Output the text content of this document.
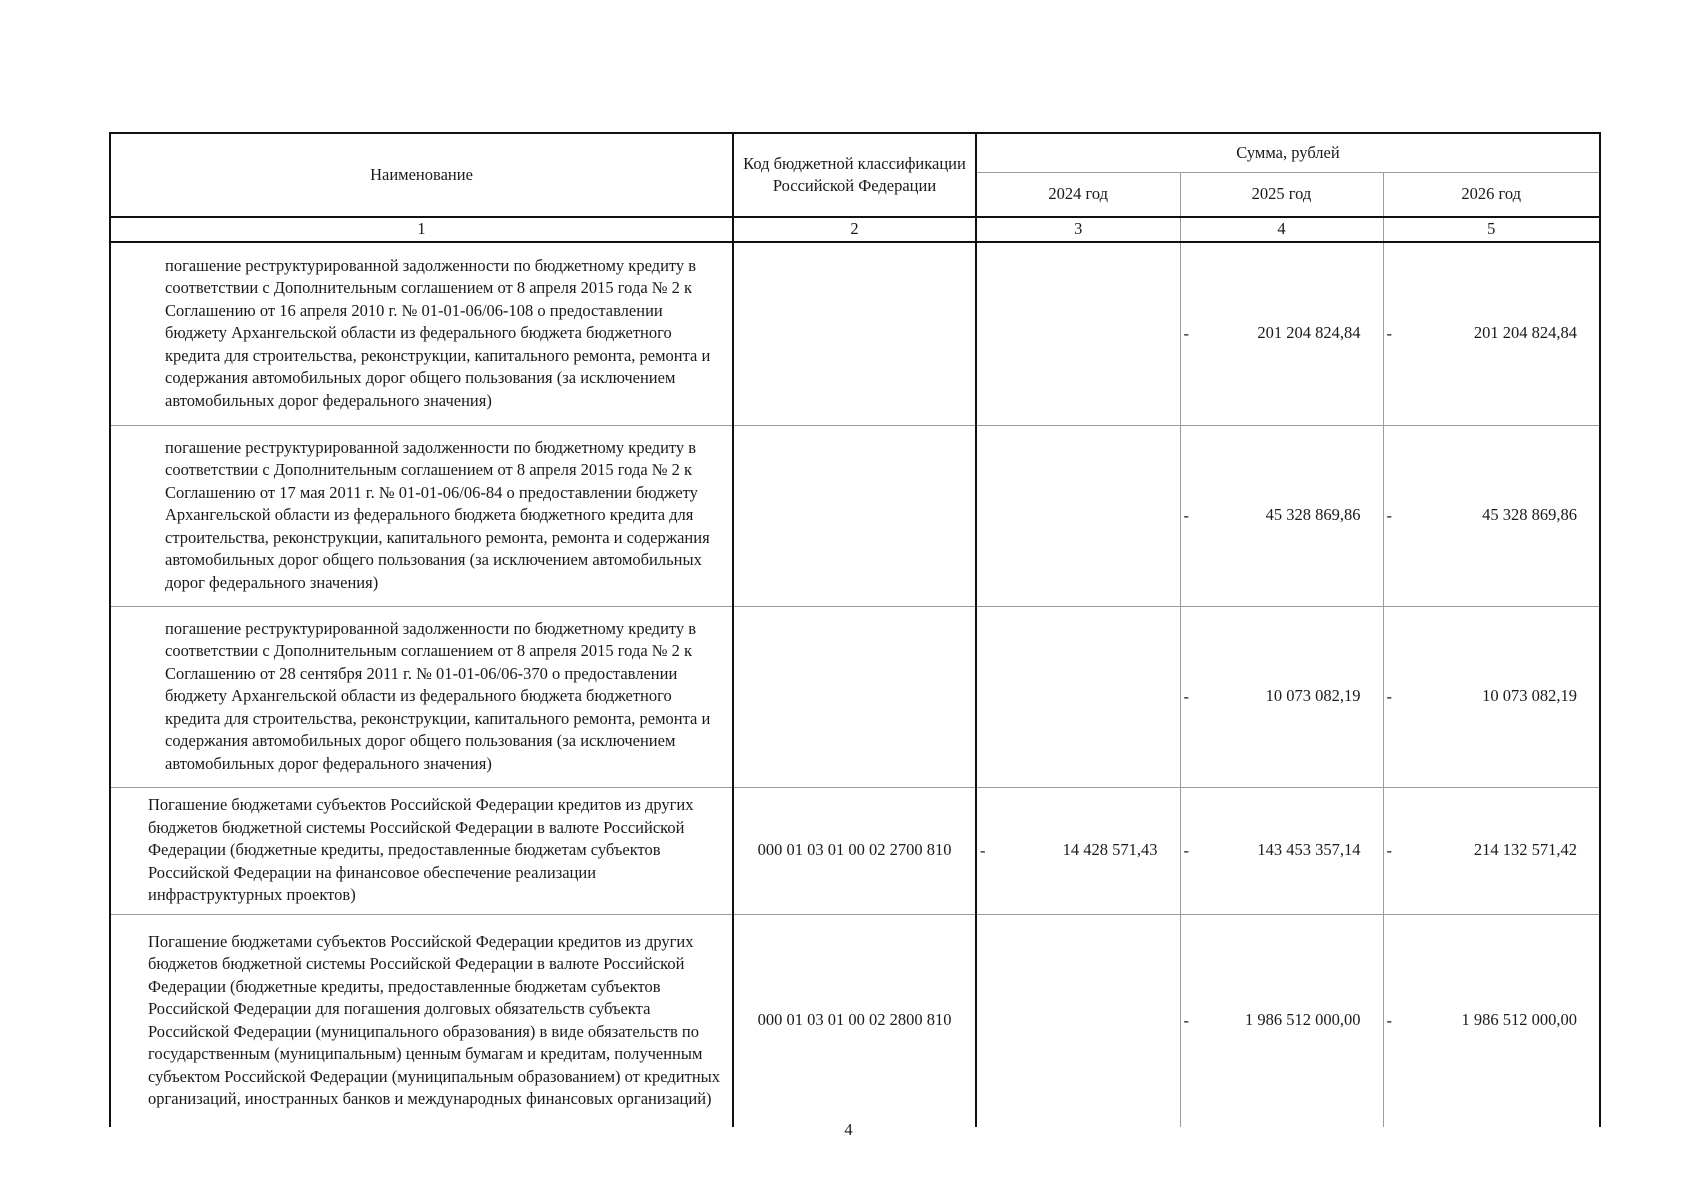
Наименование	Код бюджетной классификации Российской Федерации	Сумма, рублей		
		2024 год	2025 год	2026 год
1	2	3	4	5
погашение реструктурированной задолженности по бюджетному кредиту в соответствии с Дополнительным соглашением от 8 апреля 2015 года № 2 к Соглашению от 16 апреля 2010 г. № 01-01-06/06-108 о предоставлении бюджету Архангельской области из федерального бюджета бюджетного кредита для строительства, реконструкции, капитального ремонта, ремонта и содержания автомобильных дорог общего пользования (за исключением автомобильных дорог федерального значения)			- 201 204 824,84	- 201 204 824,84
погашение реструктурированной задолженности по бюджетному кредиту в соответствии с Дополнительным соглашением от 8 апреля 2015 года № 2 к Соглашению от 17 мая 2011 г. № 01-01-06/06-84 о предоставлении бюджету Архангельской области из федерального бюджета бюджетного кредита для строительства, реконструкции, капитального ремонта, ремонта и содержания автомобильных дорог общего пользования (за исключением автомобильных дорог федерального значения)			- 45 328 869,86	- 45 328 869,86
погашение реструктурированной задолженности по бюджетному кредиту в соответствии с Дополнительным соглашением от 8 апреля 2015 года № 2 к Соглашению от 28 сентября 2011 г. № 01-01-06/06-370 о предоставлении бюджету Архангельской области из федерального бюджета бюджетного кредита для строительства, реконструкции, капитального ремонта, ремонта и содержания автомобильных дорог общего пользования (за исключением автомобильных дорог федерального значения)			- 10 073 082,19	- 10 073 082,19
Погашение бюджетами субъектов Российской Федерации кредитов из других бюджетов бюджетной системы Российской Федерации в валюте Российской Федерации (бюджетные кредиты, предоставленные бюджетам субъектов Российской Федерации на финансовое обеспечение реализации инфраструктурных проектов)	000 01 03 01 00 02 2700 810	- 14 428 571,43	- 143 453 357,14	- 214 132 571,42
Погашение бюджетами субъектов Российской Федерации кредитов из других бюджетов бюджетной системы Российской Федерации в валюте Российской Федерации (бюджетные кредиты, предоставленные бюджетам субъектов Российской Федерации для погашения долговых обязательств субъекта Российской Федерации (муниципального образования) в виде обязательств по государственным (муниципальным) ценным бумагам и кредитам, полученным субъектом Российской Федерации (муниципальным образованием) от кредитных организаций, иностранных банков и международных финансовых организаций)	000 01 03 01 00 02 2800 810		- 1 986 512 000,00	- 1 986 512 000,00
4
